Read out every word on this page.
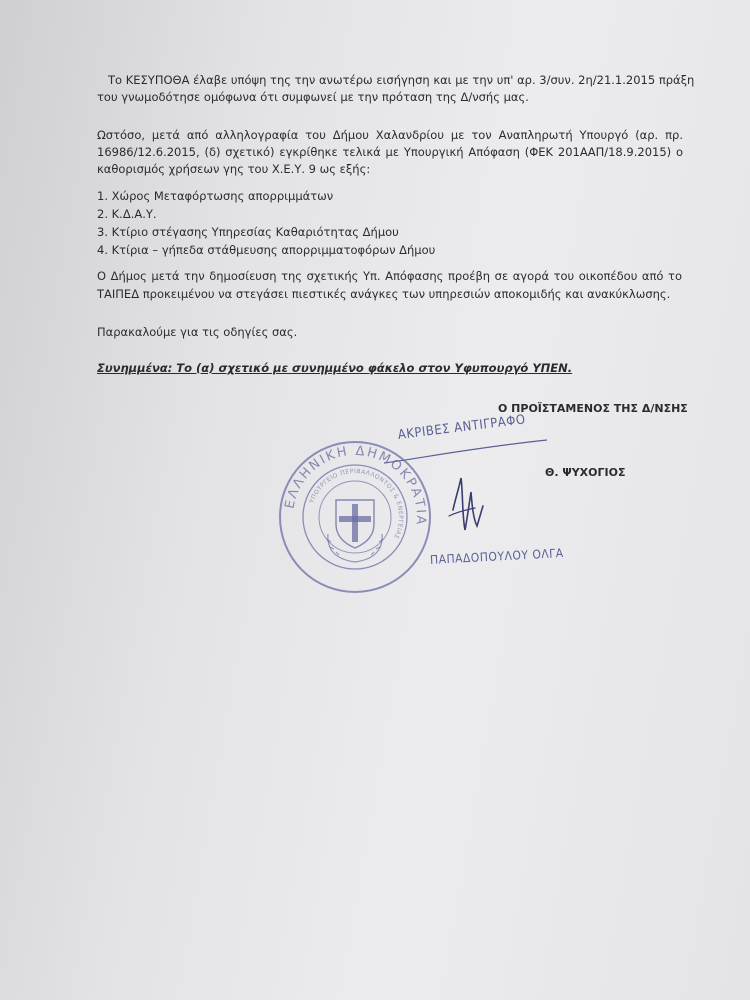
Το ΚΕΣΥΠΟΘΑ έλαβε υπόψη της την ανωτέρω εισήγηση και με την υπ' αρ. 3/συν. 2η/21.1.2015 πράξη
του γνωμοδότησε ομόφωνα ότι συμφωνεί με την πρόταση της Δ/νσής μας.
Ωστόσο, μετά από αλληλογραφία του Δήμου Χαλανδρίου με τον Αναπληρωτή Υπουργό (αρ. πρ.
16986/12.6.2015, (δ) σχετικό) εγκρίθηκε τελικά με Υπουργική Απόφαση (ΦΕΚ 201ΑΑΠ/18.9.2015) ο
καθορισμός χρήσεων γης του Χ.Ε.Υ. 9 ως εξής:
1. Χώρος Μεταφόρτωσης απορριμμάτων
2. Κ.Δ.Α.Υ.
3. Κτίριο στέγασης Υπηρεσίας Καθαριότητας Δήμου
4. Κτίρια – γήπεδα στάθμευσης απορριμματοφόρων Δήμου
Ο Δήμος μετά την δημοσίευση της σχετικής Υπ. Απόφασης προέβη σε αγορά του οικοπέδου από το
ΤΑΙΠΕΔ προκειμένου να στεγάσει πιεστικές ανάγκες των υπηρεσιών αποκομιδής και ανακύκλωσης.
Παρακαλούμε για τις οδηγίες σας.
Συνημμένα: Το (α) σχετικό με συνημμένο φάκελο στον Υφυπουργό ΥΠΕΝ.
Ο ΠΡΟΪΣΤΑΜΕΝΟΣ ΤΗΣ Δ/ΝΣΗΣ
Θ. ΨΥΧΟΓΙΟΣ
ΑΚΡΙΒΕΣ ΑΝΤΙΓΡΑΦΟ
ΠΑΠΑΔΟΠΟΥΛΟΥ ΟΛΓΑ
ΕΛΛΗΝΙΚΗ ΔΗΜΟΚΡΑΤΙΑ
ΥΠΟΥΡΓΕΙΟ ΠΕΡΙΒΑΛΛΟΝΤΟΣ & ΕΝΕΡΓΕΙΑΣ
